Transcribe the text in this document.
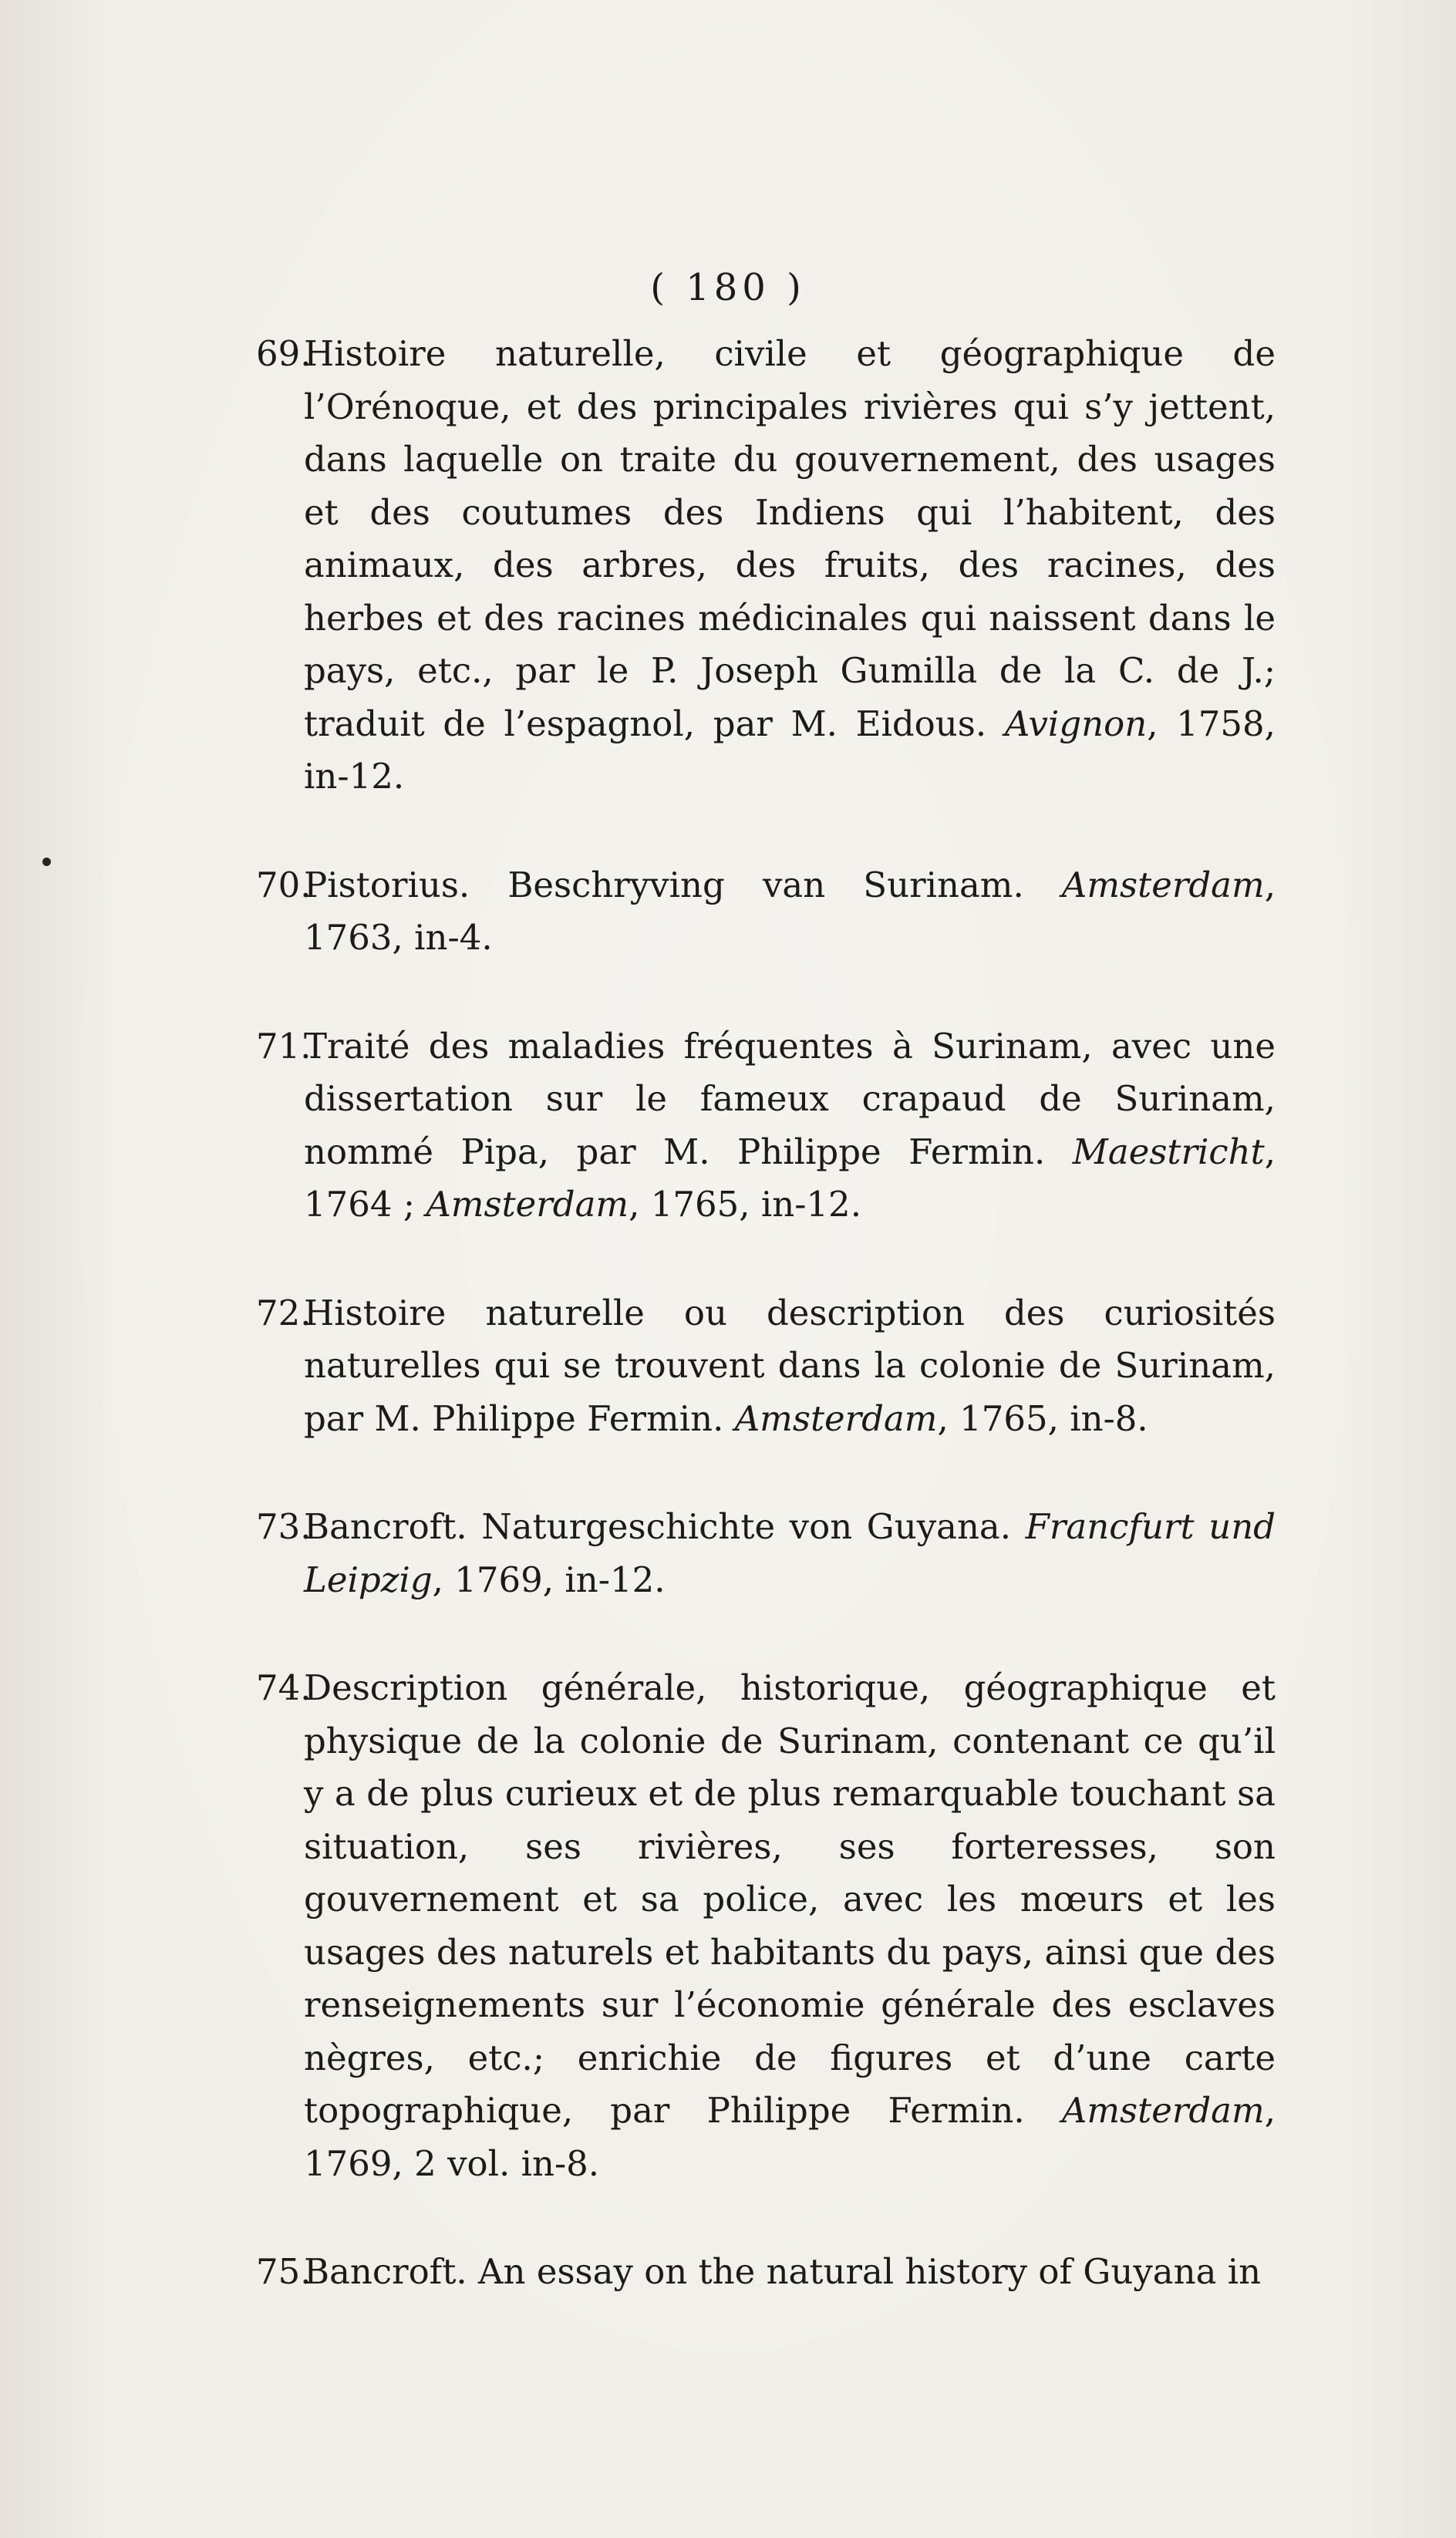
( 180 )
69.
Histoire naturelle, civile et géographique de l’Orénoque, et des principales rivières qui s’y jettent, dans laquelle on traite du gouvernement, des usages et des coutumes des Indiens qui l’habitent, des animaux, des arbres, des fruits, des racines, des herbes et des racines médicinales qui naissent dans le pays, etc., par le P. Joseph Gumilla de la C. de J.; traduit de l’espagnol, par M. Eidous. Avignon, 1758, in-12.
70.
Pistorius. Beschryving van Surinam. Amsterdam, 1763, in-4.
71.
Traité des maladies fréquentes à Surinam, avec une dissertation sur le fameux crapaud de Surinam, nommé Pipa, par M. Philippe Fermin. Maestricht, 1764 ; Amsterdam, 1765, in-12.
72.
Histoire naturelle ou description des curiosités naturelles qui se trouvent dans la colonie de Surinam, par M. Philippe Fermin. Amsterdam, 1765, in-8.
73.
Bancroft. Naturgeschichte von Guyana. Francfurt und Leipzig, 1769, in-12.
74.
Description générale, historique, géographique et physique de la colonie de Surinam, contenant ce qu’il y a de plus curieux et de plus remarquable touchant sa situation, ses rivières, ses forteresses, son gouvernement et sa police, avec les mœurs et les usages des naturels et habitants du pays, ainsi que des renseignements sur l’économie générale des esclaves nègres, etc.; enrichie de figures et d’une carte topographique, par Philippe Fermin. Amsterdam, 1769, 2 vol. in-8.
75.
Bancroft. An essay on the natural history of Guyana in
